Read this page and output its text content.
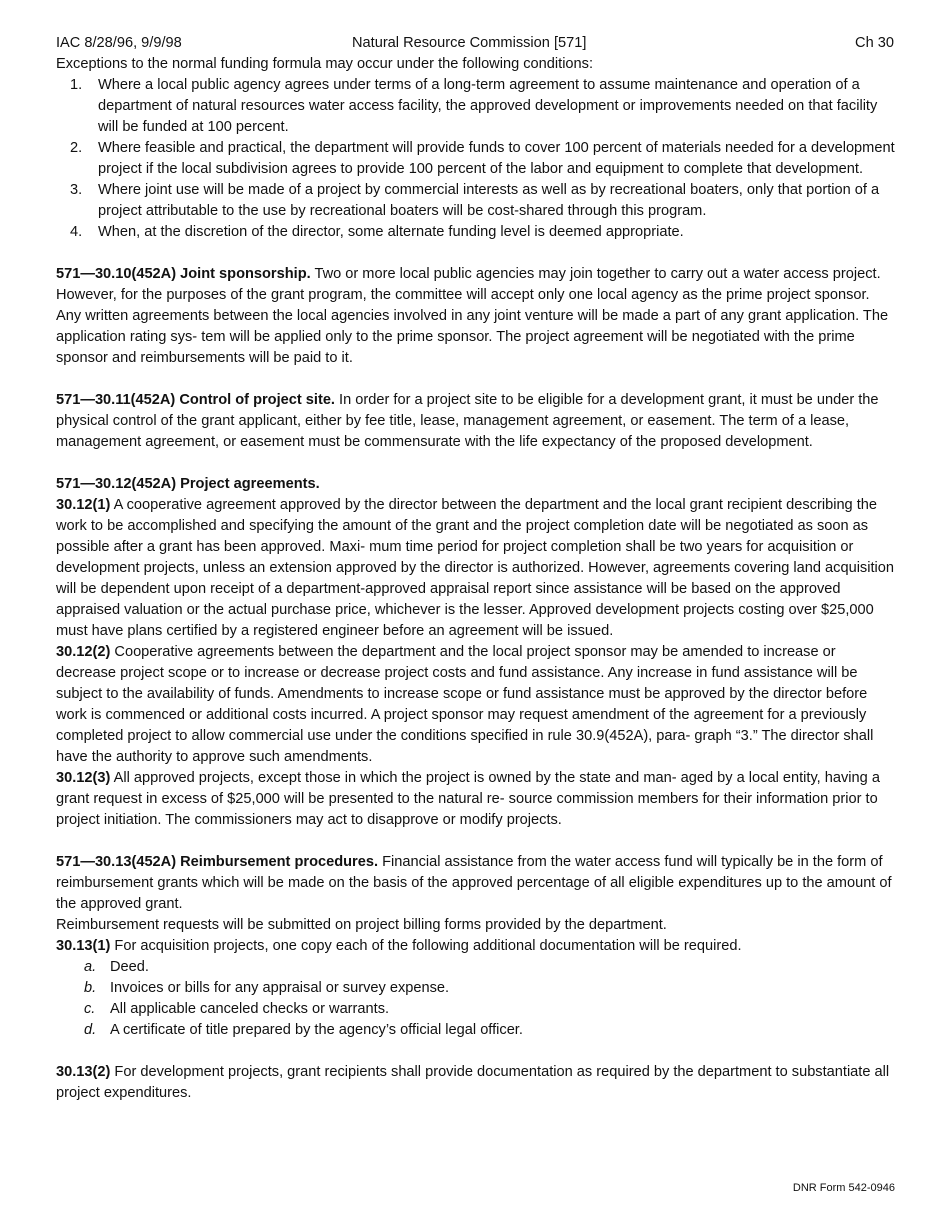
IAC 8/28/96, 9/9/98	Natural Resource Commission [571]	Ch 30

Exceptions to the normal funding formula may occur under the following conditions:

1. Where a local public agency agrees under terms of a long-term agreement to assume maintenance and operation of a department of natural resources water access facility, the approved development or improvements needed on that facility will be funded at 100 percent.
2. Where feasible and practical, the department will provide funds to cover 100 percent of materials needed for a development project if the local subdivision agrees to provide 100 percent of the labor and equipment to complete that development.
3. Where joint use will be made of a project by commercial interests as well as by recreational boaters, only that portion of a project attributable to the use by recreational boaters will be cost-shared through this program.
4. When, at the discretion of the director, some alternate funding level is deemed appropriate.

571—30.10(452A) Joint sponsorship. Two or more local public agencies may join together to carry out a water access project. However, for the purposes of the grant program, the committee will accept only one local agency as the prime project sponsor. Any written agreements between the local agencies involved in any joint venture will be made a part of any grant application. The application rating sys- tem will be applied only to the prime sponsor. The project agreement will be negotiated with the prime sponsor and reimbursements will be paid to it.

571—30.11(452A) Control of project site. In order for a project site to be eligible for a development grant, it must be under the physical control of the grant applicant, either by fee title, lease, management agreement, or easement. The term of a lease, management agreement, or easement must be commensurate with the life expectancy of the proposed development.

571—30.12(452A) Project agreements.

30.12(1) A cooperative agreement approved by the director between the department and the local grant recipient describing the work to be accomplished and specifying the amount of the grant and the project completion date will be negotiated as soon as possible after a grant has been approved. Maxi- mum time period for project completion shall be two years for acquisition or development projects, unless an extension approved by the director is authorized. However, agreements covering land acquisition will be dependent upon receipt of a department-approved appraisal report since assistance will be based on the approved appraised valuation or the actual purchase price, whichever is the lesser. Approved development projects costing over $25,000 must have plans certified by a registered engineer before an agreement will be issued.

30.12(2) Cooperative agreements between the department and the local project sponsor may be amended to increase or decrease project scope or to increase or decrease project costs and fund assistance. Any increase in fund assistance will be subject to the availability of funds. Amendments to increase scope or fund assistance must be approved by the director before work is commenced or additional costs incurred. A project sponsor may request amendment of the agreement for a previously completed project to allow commercial use under the conditions specified in rule 30.9(452A), para- graph “3.” The director shall have the authority to approve such amendments.

30.12(3) All approved projects, except those in which the project is owned by the state and man- aged by a local entity, having a grant request in excess of $25,000 will be presented to the natural re- source commission members for their information prior to project initiation. The commissioners may act to disapprove or modify projects.

571—30.13(452A) Reimbursement procedures. Financial assistance from the water access fund will typically be in the form of reimbursement grants which will be made on the basis of the approved percentage of all eligible expenditures up to the amount of the approved grant.

Reimbursement requests will be submitted on project billing forms provided by the department.

30.13(1) For acquisition projects, one copy each of the following additional documentation will be required.

a. Deed.
b. Invoices or bills for any appraisal or survey expense.
c. All applicable canceled checks or warrants.
d. A certificate of title prepared by the agency’s official legal officer.

30.13(2) For development projects, grant recipients shall provide documentation as required by the department to substantiate all project expenditures.

DNR Form 542-0946
